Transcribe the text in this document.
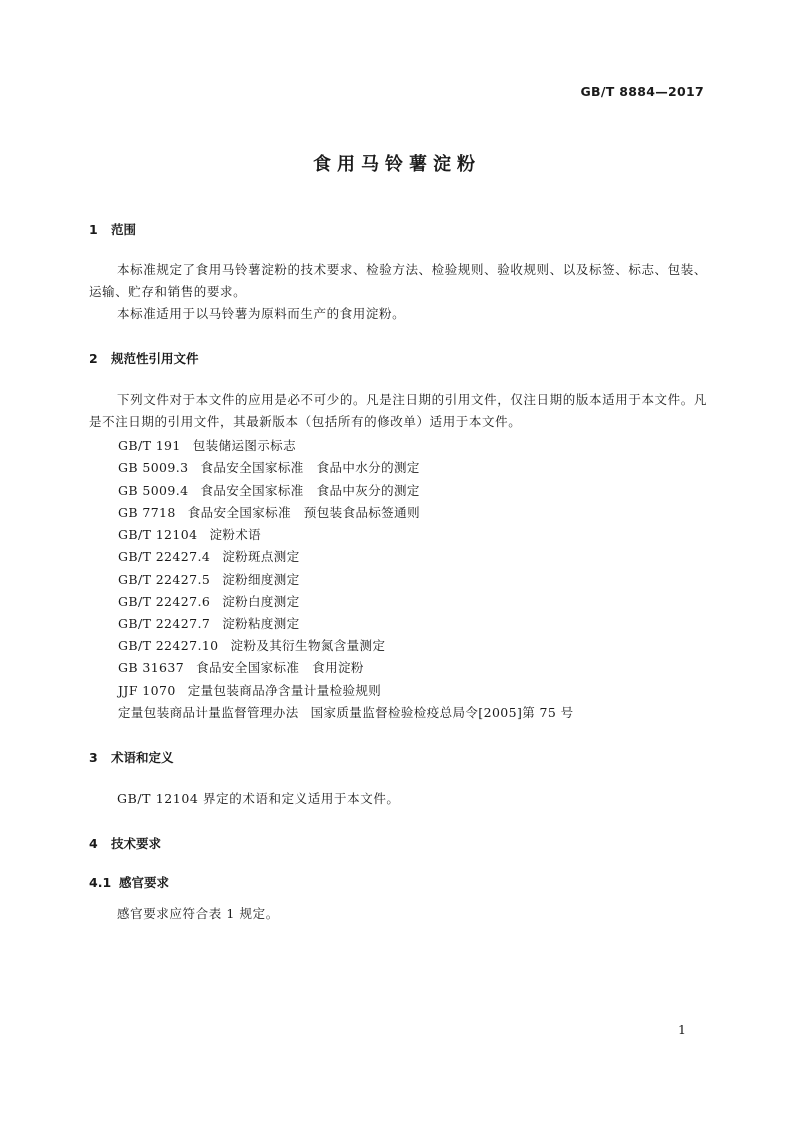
GB/T 8884—2017
食用马铃薯淀粉
1 范围
本标准规定了食用马铃薯淀粉的技术要求、检验方法、检验规则、验收规则、以及标签、标志、包装、运输、贮存和销售的要求。
本标准适用于以马铃薯为原料而生产的食用淀粉。
2 规范性引用文件
下列文件对于本文件的应用是必不可少的。凡是注日期的引用文件，仅注日期的版本适用于本文件。凡是不注日期的引用文件，其最新版本（包括所有的修改单）适用于本文件。
GB/T 191 包装储运图示标志
GB 5009.3 食品安全国家标准　食品中水分的测定
GB 5009.4 食品安全国家标准　食品中灰分的测定
GB 7718 食品安全国家标准　预包装食品标签通则
GB/T 12104 淀粉术语
GB/T 22427.4 淀粉斑点测定
GB/T 22427.5 淀粉细度测定
GB/T 22427.6 淀粉白度测定
GB/T 22427.7 淀粉粘度测定
GB/T 22427.10 淀粉及其衍生物氮含量测定
GB 31637 食品安全国家标准　食用淀粉
JJF 1070 定量包装商品净含量计量检验规则
定量包装商品计量监督管理办法 国家质量监督检验检疫总局令[2005]第 75 号
3 术语和定义
GB/T 12104 界定的术语和定义适用于本文件。
4 技术要求
4.1 感官要求
感官要求应符合表 1 规定。
1
